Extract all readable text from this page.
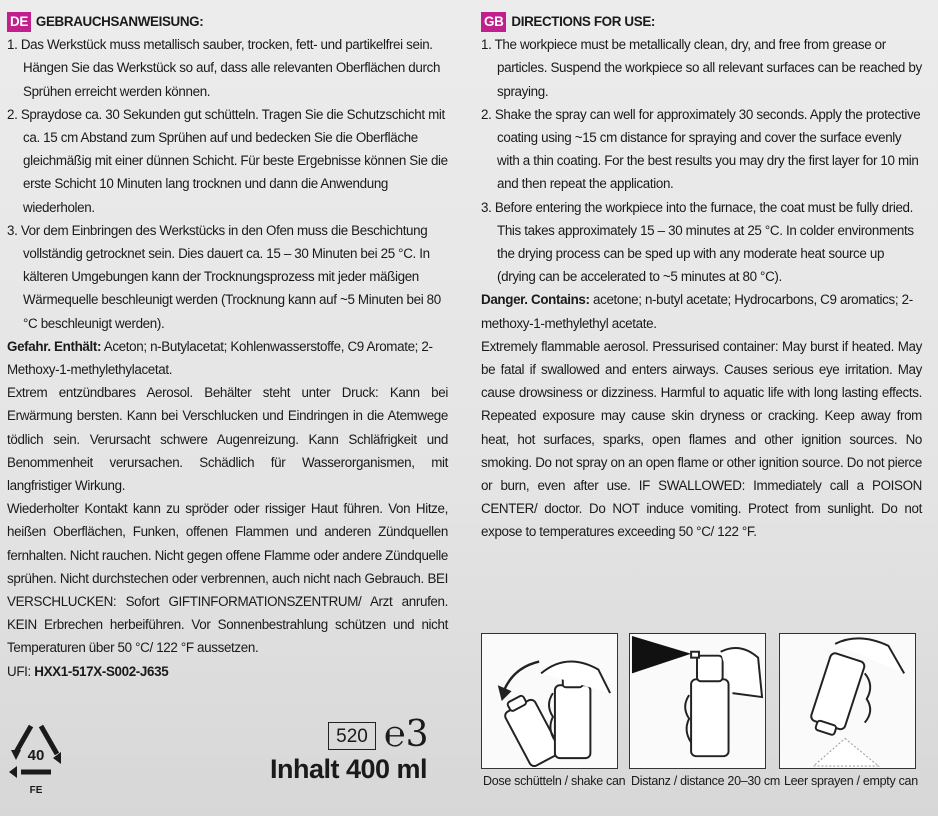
DE GEBRAUCHSANWEISUNG:
1. Das Werkstück muss metallisch sauber, trocken, fett- und partikelfrei sein. Hängen Sie das Werkstück so auf, dass alle relevanten Oberflächen durch Sprühen erreicht werden können.
2. Spraydose ca. 30 Sekunden gut schütteln. Tragen Sie die Schutzschicht mit ca. 15 cm Abstand zum Sprühen auf und bedecken Sie die Oberfläche gleichmäßig mit einer dünnen Schicht. Für beste Ergebnisse können Sie die erste Schicht 10 Minuten lang trocknen und dann die Anwendung wiederholen.
3. Vor dem Einbringen des Werkstücks in den Ofen muss die Beschichtung vollständig getrocknet sein. Dies dauert ca. 15 – 30 Minuten bei 25 °C. In kälteren Umgebungen kann der Trocknungsprozess mit jeder mäßigen Wärmequelle beschleunigt werden (Trocknung kann auf ~5 Minuten bei 80 °C beschleunigt werden).

Gefahr. Enthält: Aceton; n-Butylacetat; Kohlenwasserstoffe, C9 Aromate; 2-Methoxy-1-methylethylacetat.

Extrem entzündbares Aerosol. Behälter steht unter Druck: Kann bei Erwärmung bersten. Kann bei Verschlucken und Eindringen in die Atemwege tödlich sein. Verursacht schwere Augenreizung. Kann Schläfrigkeit und Benommenheit verursachen. Schädlich für Wasserorganismen, mit langfristiger Wirkung.

Wiederholter Kontakt kann zu spröder oder rissiger Haut führen. Von Hitze, heißen Oberflächen, Funken, offenen Flammen und anderen Zündquellen fernhalten. Nicht rauchen. Nicht gegen offene Flamme oder andere Zündquelle sprühen. Nicht durchstechen oder verbrennen, auch nicht nach Gebrauch. BEI VERSCHLUCKEN: Sofort GIFTINFORMATIONSZENTRUM/ Arzt anrufen. KEIN Erbrechen herbeiführen. Vor Sonnenbestrahlung schützen und nicht Temperaturen über 50 °C/ 122 °F aussetzen.

UFI: HXX1-517X-S002-J635

GB DIRECTIONS FOR USE:
1. The workpiece must be metallically clean, dry, and free from grease or particles. Suspend the workpiece so all relevant surfaces can be reached by spraying.
2. Shake the spray can well for approximately 30 seconds. Apply the protective coating using ~15 cm distance for spraying and cover the surface evenly with a thin coating. For the best results you may dry the first layer for 10 min and then repeat the application.
3. Before entering the workpiece into the furnace, the coat must be fully dried. This takes approximately 15 – 30 minutes at 25 °C. In colder environments the drying process can be sped up with any moderate heat source up (drying can be accelerated to ~5 minutes at 80 °C).

Danger. Contains: acetone; n-butyl acetate; Hydrocarbons, C9 aromatics; 2-methoxy-1-methylethyl acetate.

Extremely flammable aerosol. Pressurised container: May burst if heated. May be fatal if swallowed and enters airways. Causes serious eye irritation. May cause drowsiness or dizziness. Harmful to aquatic life with long lasting effects. Repeated exposure may cause skin dryness or cracking. Keep away from heat, hot surfaces, sparks, open flames and other ignition sources. No smoking. Do not spray on an open flame or other ignition source. Do not pierce or burn, even after use. IF SWALLOWED: Immediately call a POISON CENTER/ doctor. Do NOT induce vomiting. Protect from sunlight. Do not expose to temperatures exceeding 50 °C/ 122 °F.

40
FE
520 ℮3
Inhalt 400 ml	Dose schütteln / shake can Distanz / distance 20–30 cm Leer sprayen / empty can
